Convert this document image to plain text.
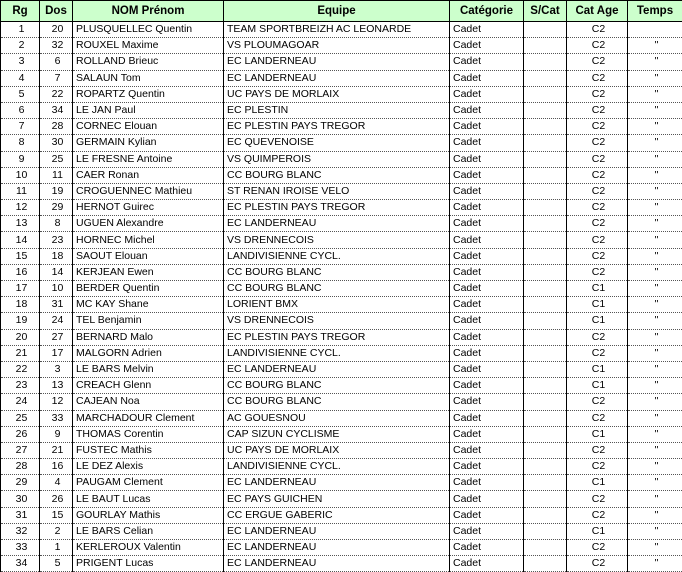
Rg	Dos	NOM Prénom	Equipe	Catégorie	S/Cat	Cat Age	Temps
1	20	PLUSQUELLEC Quentin	TEAM SPORTBREIZH AC LEONARDE	Cadet		C2	
2	32	ROUXEL Maxime	VS PLOUMAGOAR	Cadet		C2	"
3	6	ROLLAND Brieuc	EC LANDERNEAU	Cadet		C2	"
4	7	SALAUN Tom	EC LANDERNEAU	Cadet		C2	"
5	22	ROPARTZ Quentin	UC PAYS DE MORLAIX	Cadet		C2	"
6	34	LE JAN Paul	EC PLESTIN	Cadet		C2	"
7	28	CORNEC Elouan	EC PLESTIN PAYS TREGOR	Cadet		C2	"
8	30	GERMAIN Kylian	EC QUEVENOISE	Cadet		C2	"
9	25	LE FRESNE Antoine	VS QUIMPEROIS	Cadet		C2	"
10	11	CAER Ronan	CC BOURG BLANC	Cadet		C2	"
11	19	CROGUENNEC Mathieu	ST RENAN IROISE VELO	Cadet		C2	"
12	29	HERNOT Guirec	EC PLESTIN PAYS TREGOR	Cadet		C2	"
13	8	UGUEN Alexandre	EC LANDERNEAU	Cadet		C2	"
14	23	HORNEC Michel	VS DRENNECOIS	Cadet		C2	"
15	18	SAOUT Elouan	LANDIVISIENNE CYCL.	Cadet		C2	"
16	14	KERJEAN Ewen	CC BOURG BLANC	Cadet		C2	"
17	10	BERDER Quentin	CC BOURG BLANC	Cadet		C1	"
18	31	MC KAY Shane	LORIENT BMX	Cadet		C1	"
19	24	TEL Benjamin	VS DRENNECOIS	Cadet		C1	"
20	27	BERNARD Malo	EC PLESTIN PAYS TREGOR	Cadet		C2	"
21	17	MALGORN Adrien	LANDIVISIENNE CYCL.	Cadet		C2	"
22	3	LE BARS Melvin	EC LANDERNEAU	Cadet		C1	"
23	13	CREACH Glenn	CC BOURG BLANC	Cadet		C1	"
24	12	CAJEAN Noa	CC BOURG BLANC	Cadet		C2	"
25	33	MARCHADOUR Clement	AC GOUESNOU	Cadet		C2	"
26	9	THOMAS Corentin	CAP SIZUN CYCLISME	Cadet		C1	"
27	21	FUSTEC Mathis	UC PAYS DE MORLAIX	Cadet		C2	"
28	16	LE DEZ Alexis	LANDIVISIENNE CYCL.	Cadet		C2	"
29	4	PAUGAM Clement	EC LANDERNEAU	Cadet		C1	"
30	26	LE BAUT Lucas	EC PAYS GUICHEN	Cadet		C2	"
31	15	GOURLAY Mathis	CC ERGUE GABERIC	Cadet		C2	"
32	2	LE BARS Celian	EC LANDERNEAU	Cadet		C1	"
33	1	KERLEROUX Valentin	EC LANDERNEAU	Cadet		C2	"
34	5	PRIGENT Lucas	EC LANDERNEAU	Cadet		C2	"
